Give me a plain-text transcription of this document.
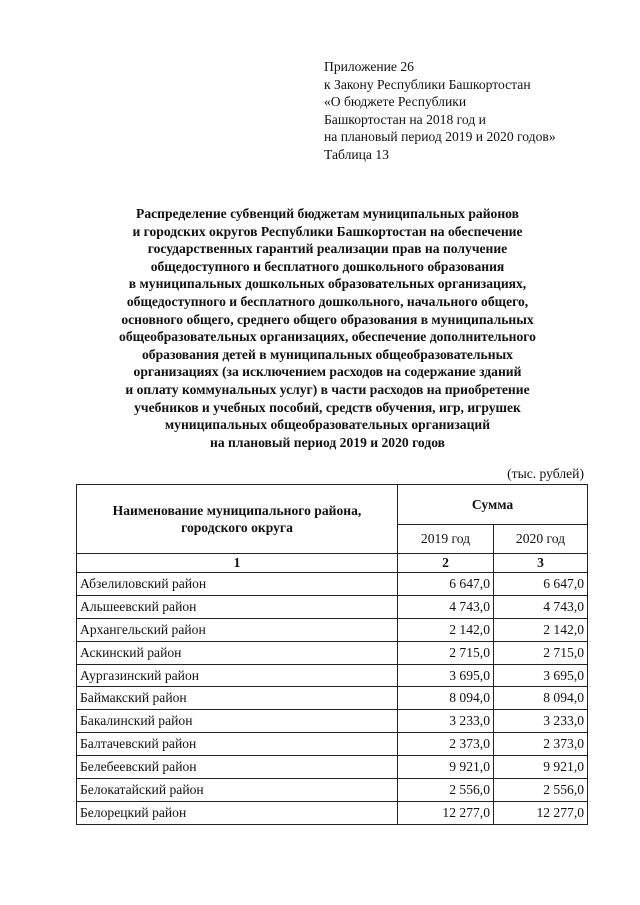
Приложение 26
к Закону Республики Башкортостан
«О бюджете Республики
Башкортостан на 2018 год и
на плановый период 2019 и 2020 годов»
Таблица 13
Распределение субвенций бюджетам муниципальных районов
и городских округов Республики Башкортостан на обеспечение
государственных гарантий реализации прав на получение
общедоступного и бесплатного дошкольного образования
в муниципальных дошкольных образовательных организациях,
общедоступного и бесплатного дошкольного, начального общего,
основного общего, среднего общего образования в муниципальных
общеобразовательных организациях, обеспечение дополнительного
образования детей в муниципальных общеобразовательных
организациях (за исключением расходов на содержание зданий
и оплату коммунальных услуг) в части расходов на приобретение
учебников и учебных пособий, средств обучения, игр, игрушек
муниципальных общеобразовательных организаций
на плановый период 2019 и 2020 годов
(тыс. рублей)
Наименование муниципального района,
городского округа	Сумма	
	2019 год	2020 год
1	2	3
Абзелиловский район	6 647,0	6 647,0
Альшеевский район	4 743,0	4 743,0
Архангельский район	2 142,0	2 142,0
Аскинский район	2 715,0	2 715,0
Аургазинский район	3 695,0	3 695,0
Баймакский район	8 094,0	8 094,0
Бакалинский район	3 233,0	3 233,0
Балтачевский район	2 373,0	2 373,0
Белебеевский район	9 921,0	9 921,0
Белокатайский район	2 556,0	2 556,0
Белорецкий район	12 277,0	12 277,0
